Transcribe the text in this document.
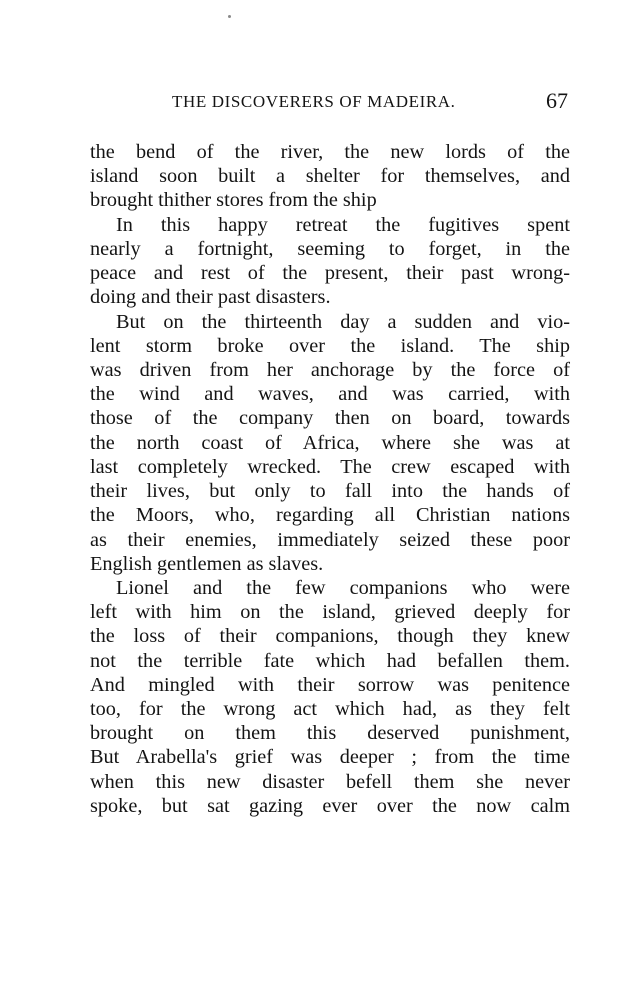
THE DISCOVERERS OF MADEIRA.	67
the bend of the river, the new lords of the
island soon built a shelter for themselves, and
brought thither stores from the ship
In this happy retreat the fugitives spent
nearly a fortnight, seeming to forget, in the
peace and rest of the present, their past wrong-
doing and their past disasters.
But on the thirteenth day a sudden and vio-
lent storm broke over the island. The ship
was driven from her anchorage by the force of
the wind and waves, and was carried, with
those of the company then on board, towards
the north coast of Africa, where she was at
last completely wrecked. The crew escaped with
their lives, but only to fall into the hands of
the Moors, who, regarding all Christian nations
as their enemies, immediately seized these poor
English gentlemen as slaves.
Lionel and the few companions who were
left with him on the island, grieved deeply for
the loss of their companions, though they knew
not the terrible fate which had befallen them.
And mingled with their sorrow was penitence
too, for the wrong act which had, as they felt
brought on them this deserved punishment,
But Arabella's grief was deeper ; from the time
when this new disaster befell them she never
spoke, but sat gazing ever over the now calm
